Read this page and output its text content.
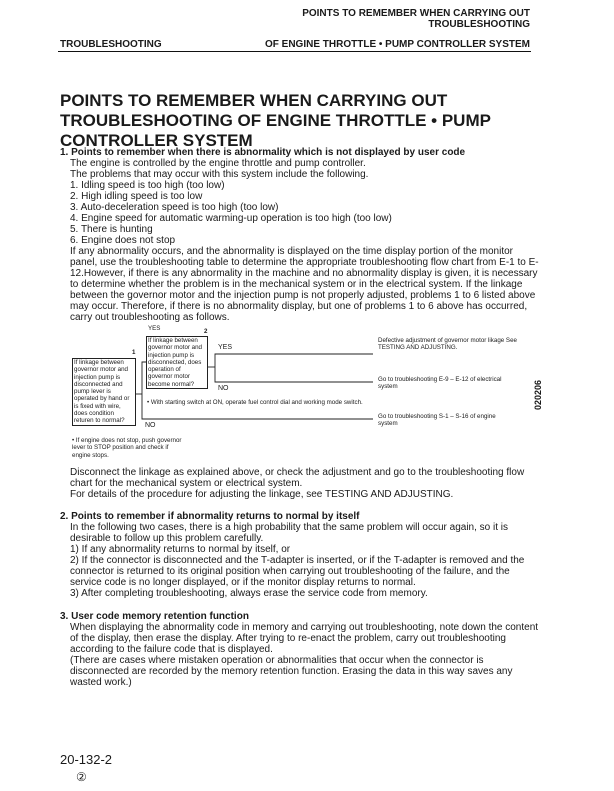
POINTS TO REMEMBER WHEN CARRYING OUT TROUBLESHOOTING
TROUBLESHOOTING	OF ENGINE THROTTLE • PUMP CONTROLLER SYSTEM
POINTS TO REMEMBER WHEN CARRYING OUT TROUBLESHOOTING OF ENGINE THROTTLE • PUMP CONTROLLER SYSTEM

1. Points to remember when there is abnormality which is not displayed by user code

The engine is controlled by the engine throttle and pump controller.

The problems that may occur with this system include the following.

1. Idling speed is too high (too low)

2. High idling speed is too low

3. Auto-deceleration speed is too high (too low)

4. Engine speed for automatic warming-up operation is too high (too low)

5. There is hunting

6. Engine does not stop

If any abnormality occurs, and the abnormality is displayed on the time display portion of the monitor panel, use the troubleshooting table to determine the appropriate troubleshooting flow chart from E-1 to E-12.However, if there is any abnormality in the machine and no abnormality display is given, it is necessary to determine whether the problem is in the mechanical system or in the electrical system. If the linkage between the governor motor and the injection pump is not properly adjusted, problems 1 to 6 listed above may occur. Therefore, if there is no abnormality display, but one of problems 1 to 6 above has occurred, carry out troubleshooting as follows.

YES
1
2
YES
NO
NO
If linkage between governor motor and injection pump is disconnected and pump lever is operated by hand or is fixed with wire, does condition returen to normal?
If linkage between governor motor and injection pump is disconnected, does operation of governor motor become normal?
• With starting switch at ON, operate fuel control dial and working mode switch.
• If engine does not stop, push governor lever to STOP position and check if engine stops.
Defective adjustment of governor motor likage See TESTING AND ADJUSTING.
Go to troubleshooting E-9 – E-12 of electrical system
Go to troubleshooting S-1 – S-16 of engine system

Disconnect the linkage as explained above, or check the adjustment and go to the troubleshooting flow chart for the mechanical system or electrical system.

For details of the procedure for adjusting the linkage, see TESTING AND ADJUSTING.

2. Points to remember if abnormality returns to normal by itself

In the following two cases, there is a high probability that the same problem will occur again, so it is desirable to follow up this problem carefully.

1) If any abnormality returns to normal by itself, or

2) If the connector is disconnected and the T-adapter is inserted, or if the T-adapter is removed and the connector is returned to its original position when carrying out troubleshooting of the failure, and the service code is no longer displayed, or if the monitor display returns to normal.

3) After completing troubleshooting, always erase the service code from memory.

3. User code memory retention function

When displaying the abnormality code in memory and carrying out troubleshooting, note down the content of the display, then erase the display. After trying to re-enact the problem, carry out troubleshooting according to the failure code that is displayed.

(There are cases where mistaken operation or abnormalities that occur when the connector is disconnected are recorded by the memory retention function. Erasing the data in this way saves any wasted work.)

020206
20-132-2
②
